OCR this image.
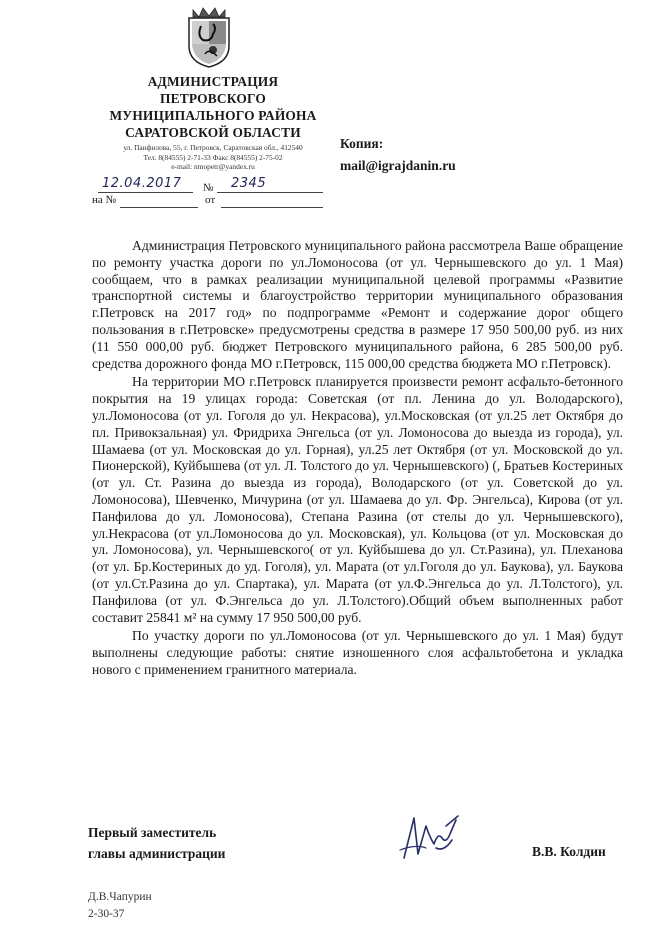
АДМИНИСТРАЦИЯ
ПЕТРОВСКОГО
МУНИЦИПАЛЬНОГО РАЙОНА
САРАТОВСКОЙ ОБЛАСТИ
ул. Панфилова, 55, г. Петровск, Саратовская обл., 412540
Тел. 8(84555) 2-71-33 Факс 8(84555) 2-75-02
e-mail: nmopetr@yandex.ru
Копия:
mail@igrajdanin.ru
12.04.2017 № 2345
на №	от

Администрация Петровского муниципального района рассмотрела Ваше обращение по ремонту участка дороги по ул.Ломоносова (от ул. Чернышевского до ул. 1 Мая) сообщаем, что в рамках реализации муниципальной целевой программы «Развитие транспортной системы и благоустройство территории муниципального образования г.Петровск на 2017 год» по подпрограмме «Ремонт и содержание дорог общего пользования в г.Петровске» предусмотрены средства в размере 17 950 500,00 руб. из них (11 550 000,00 руб. бюджет Петровского муниципального района, 6 285 500,00 руб. средства дорожного фонда МО г.Петровск, 115 000,00 средства бюджета МО г.Петровск).

На территории МО г.Петровск планируется произвести ремонт асфальто-бетонного покрытия на 19 улицах города: Советская (от пл. Ленина до ул. Володарского), ул.Ломоносова (от ул. Гоголя до ул. Некрасова), ул.Московская (от ул.25 лет Октября до пл. Привокзальная) ул. Фридриха Энгельса (от ул. Ломоносова до выезда из города), ул. Шамаева (от ул. Московская до ул. Горная), ул.25 лет Октября (от ул. Московской до ул. Пионерской), Куйбышева (от ул. Л. Толстого до ул. Чернышевского) (, Братьев Костериных (от ул. Ст. Разина до выезда из города), Володарского (от ул. Советской до ул. Ломоносова), Шевченко, Мичурина (от ул. Шамаева до ул. Фр. Энгельса), Кирова (от ул. Панфилова до ул. Ломоносова), Степана Разина (от стелы до ул. Чернышевского), ул.Некрасова (от ул.Ломоносова до ул. Московская), ул. Кольцова (от ул. Московская до ул. Ломоносова), ул. Чернышевского( от ул. Куйбышева до ул. Ст.Разина), ул. Плеханова (от ул. Бр.Костериных до уд. Гоголя), ул. Марата (от ул.Гоголя до ул. Баукова), ул. Баукова (от ул.Ст.Разина до ул. Спартака), ул. Марата (от ул.Ф.Энгельса до ул. Л.Толстого), ул. Панфилова (от ул. Ф.Энгельса до ул. Л.Толстого).Общий объем выполненных работ составит 25841 м² на сумму 17 950 500,00 руб.

По участку дороги по ул.Ломоносова (от ул. Чернышевского до ул. 1 Мая) будут выполнены следующие работы: снятие изношенного слоя асфальтобетона и укладка нового с применением гранитного материала.

Первый заместитель
главы администрации	В.В. Колдин
Д.В.Чапурин
2-30-37
